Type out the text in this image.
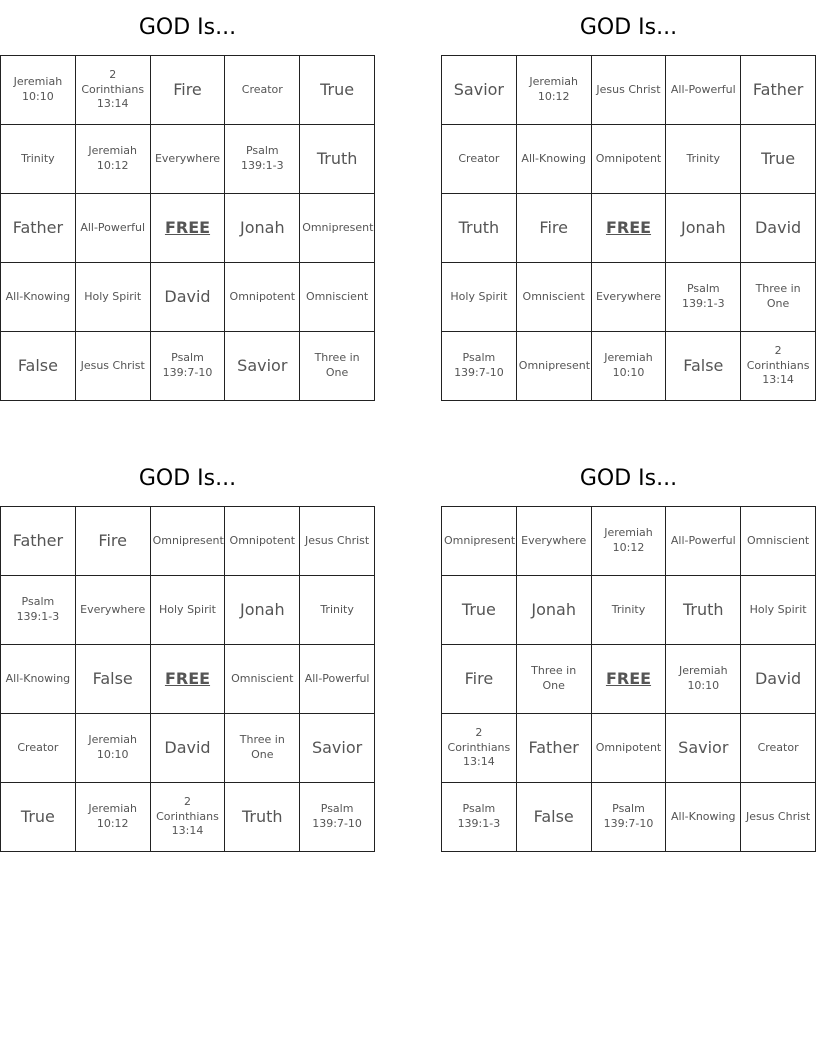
GOD Is...
Jeremiah 10:10	2 Corinthians 13:14	Fire	Creator	True
Trinity	Jeremiah 10:12	Everywhere	Psalm 139:1-3	Truth
Father	All-Powerful	FREE	Jonah	Omnipresent
All-Knowing	Holy Spirit	David	Omnipotent	Omniscient
False	Jesus Christ	Psalm 139:7-10	Savior	Three in One
GOD Is...
Savior	Jeremiah 10:12	Jesus Christ	All-Powerful	Father
Creator	All-Knowing	Omnipotent	Trinity	True
Truth	Fire	FREE	Jonah	David
Holy Spirit	Omniscient	Everywhere	Psalm 139:1-3	Three in One
Psalm 139:7-10	Omnipresent	Jeremiah 10:10	False	2 Corinthians 13:14
GOD Is...
Father	Fire	Omnipresent	Omnipotent	Jesus Christ
Psalm 139:1-3	Everywhere	Holy Spirit	Jonah	Trinity
All-Knowing	False	FREE	Omniscient	All-Powerful
Creator	Jeremiah 10:10	David	Three in One	Savior
True	Jeremiah 10:12	2 Corinthians 13:14	Truth	Psalm 139:7-10
GOD Is...
Omnipresent	Everywhere	Jeremiah 10:12	All-Powerful	Omniscient
True	Jonah	Trinity	Truth	Holy Spirit
Fire	Three in One	FREE	Jeremiah 10:10	David
2 Corinthians 13:14	Father	Omnipotent	Savior	Creator
Psalm 139:1-3	False	Psalm 139:7-10	All-Knowing	Jesus Christ
